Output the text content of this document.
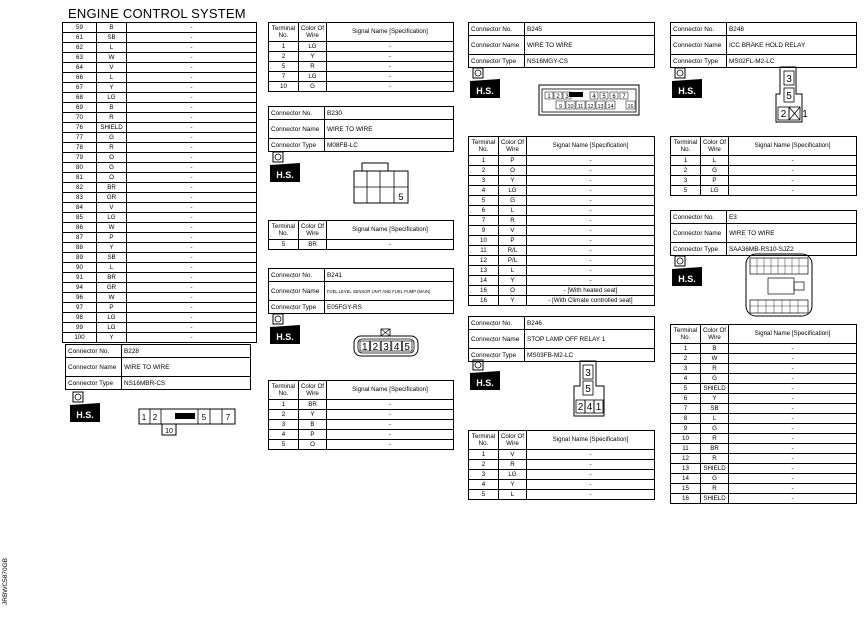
ENGINE CONTROL SYSTEM
59	B	-
61	SB	-
62	L	-
63	W	-
64	V	-
66	L	-
67	Y	-
68	LG	-
69	B	-
70	R	-
76	SHIELD	-
77	G	-
78	R	-
79	O	-
80	G	-
81	O	-
82	BR	-
83	GR	-
84	V	-
85	LG	-
86	W	-
87	P	-
88	Y	-
89	SB	-
90	L	-
91	BR	-
94	GR	-
96	W	-
97	P	-
98	LG	-
99	LG	-
100	Y	-
Connector No.	B228
Connector Name	WIRE TO WIRE
Connector Type	NS16MBR-CS
H.S.	1 2	5 7
10
Terminal No.	Color Of Wire	Signal Name [Specification]
1	LG	-
2	Y	-
5	R	-
7	LG	-
10	G	-
Connector No.	B230
Connector Name	WIRE TO WIRE
Connector Type	M08FB-LC
H.S.
5
Terminal No.	Color Of Wire	Signal Name [Specification]
5	BR	-
Connector No.	B241
Connector Name	FUEL LEVEL SENSOR UNIT AND FUEL PUMP (MAIN)
Connector Type	E05FGY-RS
H.S.
1 2 3 4 5
Terminal No.	Color Of Wire	Signal Name [Specification]
1	BR	-
2	Y	-
3	B	-
4	P	-
5	O	-
Connector No.	B245
Connector Name	WIRE TO WIRE
Connector Type	NS16MGY-CS
H.S.
1 2 3	4 5 6 7
9 10 11 12 13 14	16
Terminal No.	Color Of Wire	Signal Name [Specification]
1	P	-
2	O	-
3	Y	-
4	LG	-
5	G	-
6	L	-
7	R	-
9	V	-
10	P	-
11	R/L	-
12	P/L	-
13	L	-
14	Y	-
16	O	- [With heated seat]
16	Y	- [With Climate controlled seat]
Connector No.	B246
Connector Name	STOP LAMP OFF RELAY 1
Connector Type	MS03FB-M2-LC
H.S.
3
5
2 4 1
Terminal No.	Color Of Wire	Signal Name [Specification]
1	V	-
2	R	-
3	LG	-
4	Y	-
5	L	-
Connector No.	B248
Connector Name	ICC BRAKE HOLD RELAY
Connector Type	MS02FL-M2-LC
H.S.
3
5
2 1
Terminal No.	Color Of Wire	Signal Name [Specification]
1	L	-
2	G	-
3	P	-
5	LG	-
Connector No.	E3
Connector Name	WIRE TO WIRE
Connector Type	SAA36MB-RS10-SJZ2
H.S.
Terminal No.	Color Of Wire	Signal Name [Specification]
1	B	-
2	W	-
3	R	-
4	G	-
5	SHIELD	-
6	Y	-
7	SB	-
8	L	-
9	G	-
10	R	-
11	BR	-
12	R	-
13	SHIELD	-
14	G	-
15	R	-
16	SHIELD	-
JRBWC5870GB
